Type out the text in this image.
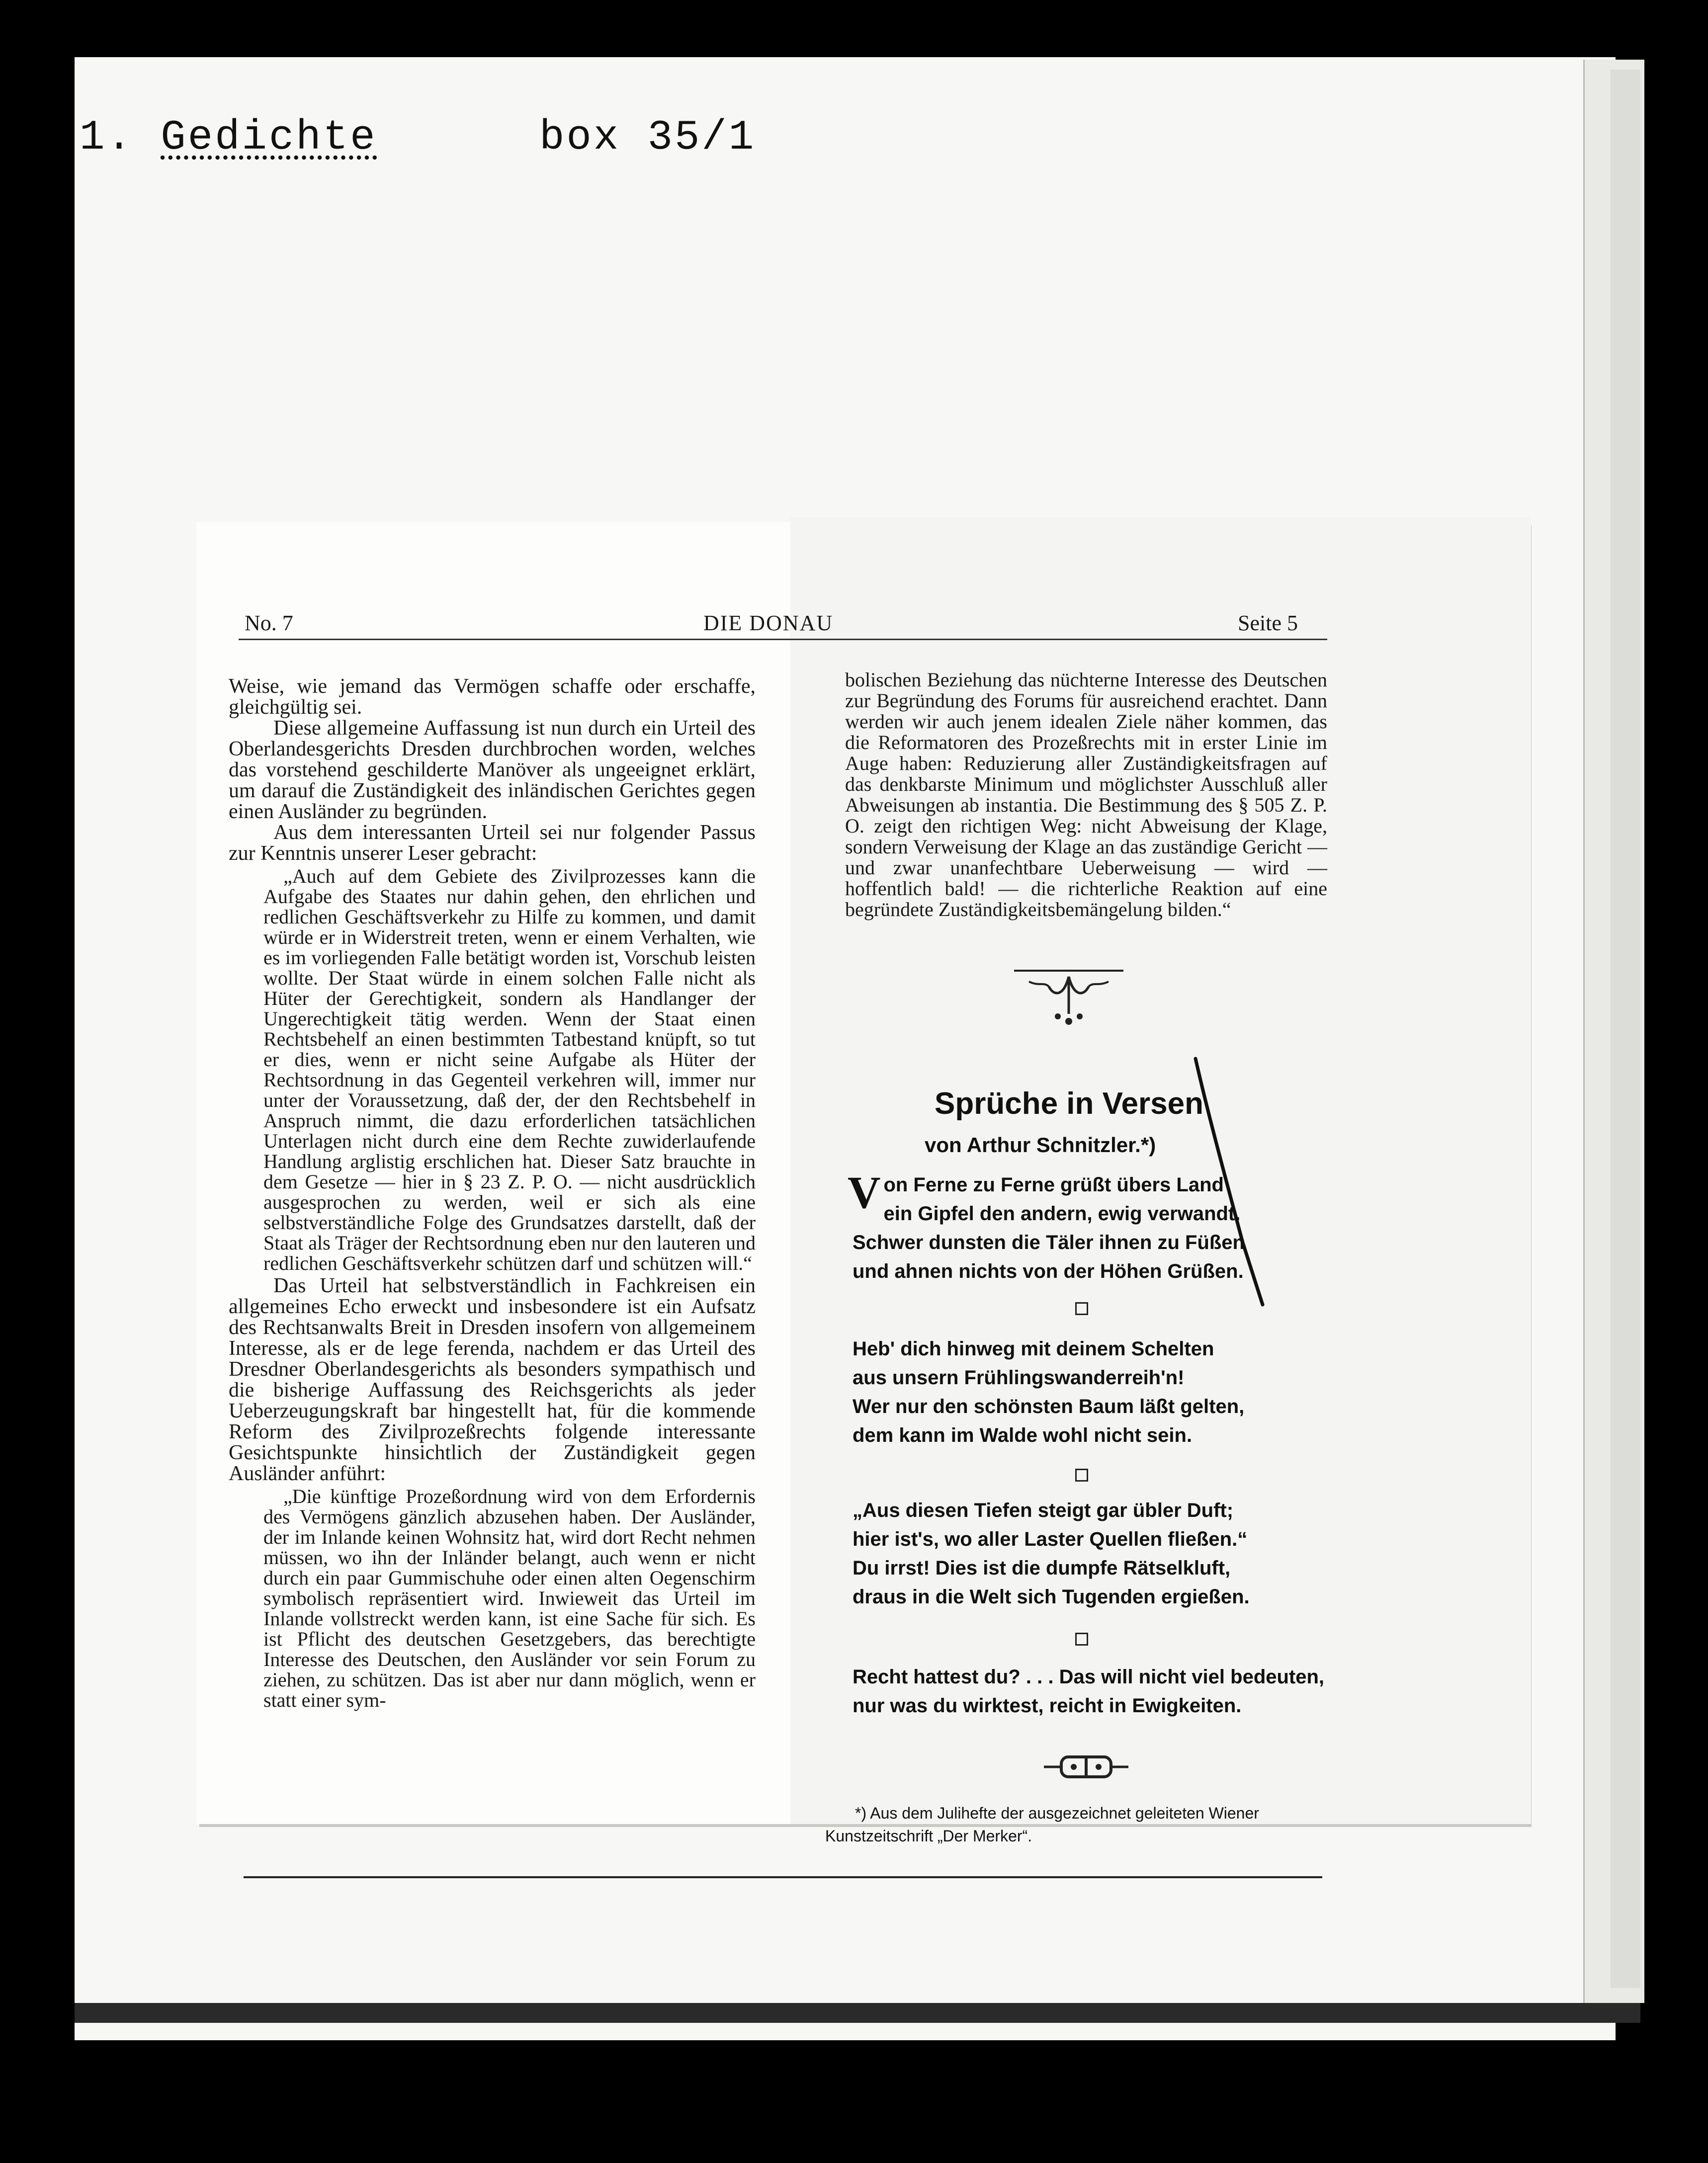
1. Gedichte	box 35/1
No. 7	DIE DONAU	Seite 5

Weise, wie jemand das Vermögen schaffe oder erschaffe, gleichgültig sei.

Diese allgemeine Auffassung ist nun durch ein Urteil des Oberlandesgerichts Dresden durchbrochen worden, welches das vorstehend geschilderte Manöver als ungeeignet erklärt, um darauf die Zuständigkeit des inländischen Gerichtes gegen einen Ausländer zu begründen.

Aus dem interessanten Urteil sei nur folgender Passus zur Kenntnis unserer Leser gebracht:

„Auch auf dem Gebiete des Zivilprozesses kann die Aufgabe des Staates nur dahin gehen, den ehrlichen und redlichen Geschäftsverkehr zu Hilfe zu kommen, und damit würde er in Widerstreit treten, wenn er einem Verhalten, wie es im vorliegenden Falle betätigt worden ist, Vorschub leisten wollte. Der Staat würde in einem solchen Falle nicht als Hüter der Gerechtigkeit, sondern als Handlanger der Ungerechtigkeit tätig werden. Wenn der Staat einen Rechtsbehelf an einen bestimmten Tatbestand knüpft, so tut er dies, wenn er nicht seine Aufgabe als Hüter der Rechtsordnung in das Gegenteil verkehren will, immer nur unter der Voraussetzung, daß der, der den Rechtsbehelf in Anspruch nimmt, die dazu erforderlichen tatsächlichen Unterlagen nicht durch eine dem Rechte zuwiderlaufende Handlung arglistig erschlichen hat. Dieser Satz brauchte in dem Gesetze — hier in § 23 Z. P. O. — nicht ausdrücklich ausgesprochen zu werden, weil er sich als eine selbstverständliche Folge des Grundsatzes darstellt, daß der Staat als Träger der Rechtsordnung eben nur den lauteren und redlichen Geschäftsverkehr schützen darf und schützen will.“

Das Urteil hat selbstverständlich in Fachkreisen ein allgemeines Echo erweckt und insbesondere ist ein Aufsatz des Rechtsanwalts Breit in Dresden insofern von allgemeinem Interesse, als er de lege ferenda, nachdem er das Urteil des Dresdner Oberlandesgerichts als besonders sympathisch und die bisherige Auffassung des Reichsgerichts als jeder Ueberzeugungskraft bar hingestellt hat, für die kommende Reform des Zivilprozeßrechts folgende interessante Gesichtspunkte hinsichtlich der Zuständigkeit gegen Ausländer anführt:

„Die künftige Prozeßordnung wird von dem Erfordernis des Vermögens gänzlich abzusehen haben. Der Ausländer, der im Inlande keinen Wohnsitz hat, wird dort Recht nehmen müssen, wo ihn der Inländer belangt, auch wenn er nicht durch ein paar Gummischuhe oder einen alten Oegenschirm symbolisch repräsentiert wird. Inwieweit das Urteil im Inlande vollstreckt werden kann, ist eine Sache für sich. Es ist Pflicht des deutschen Gesetzgebers, das berechtigte Interesse des Deutschen, den Ausländer vor sein Forum zu ziehen, zu schützen. Das ist aber nur dann möglich, wenn er statt einer sym-

bolischen Beziehung das nüchterne Interesse des Deutschen zur Begründung des Forums für ausreichend erachtet. Dann werden wir auch jenem idealen Ziele näher kommen, das die Reformatoren des Prozeßrechts mit in erster Linie im Auge haben: Reduzierung aller Zuständigkeitsfragen auf das denkbarste Minimum und möglichster Ausschluß aller Abweisungen ab instantia. Die Bestimmung des § 505 Z. P. O. zeigt den richtigen Weg: nicht Abweisung der Klage, sondern Verweisung der Klage an das zuständige Gericht — und zwar unanfechtbare Ueberweisung — wird — hoffentlich bald! — die richterliche Reaktion auf eine begründete Zuständigkeitsbemängelung bilden.“
Sprüche in Versen
von Arthur Schnitzler.*)
V on Ferne zu Ferne grüßt übers Land
ein Gipfel den andern, ewig verwandt.
Schwer dunsten die Täler ihnen zu Füßen
und ahnen nichts von der Höhen Grüßen.
Heb' dich hinweg mit deinem Schelten
aus unsern Frühlingswanderreih'n!
Wer nur den schönsten Baum läßt gelten,
dem kann im Walde wohl nicht sein.
„Aus diesen Tiefen steigt gar übler Duft;
hier ist's, wo aller Laster Quellen fließen.“
Du irrst! Dies ist die dumpfe Rätselkluft,
draus in die Welt sich Tugenden ergießen.
Recht hattest du? . . . Das will nicht viel bedeuten,
nur was du wirktest, reicht in Ewigkeiten.
*) Aus dem Julihefte der ausgezeichnet geleiteten Wiener
Kunstzeitschrift „Der Merker“.
